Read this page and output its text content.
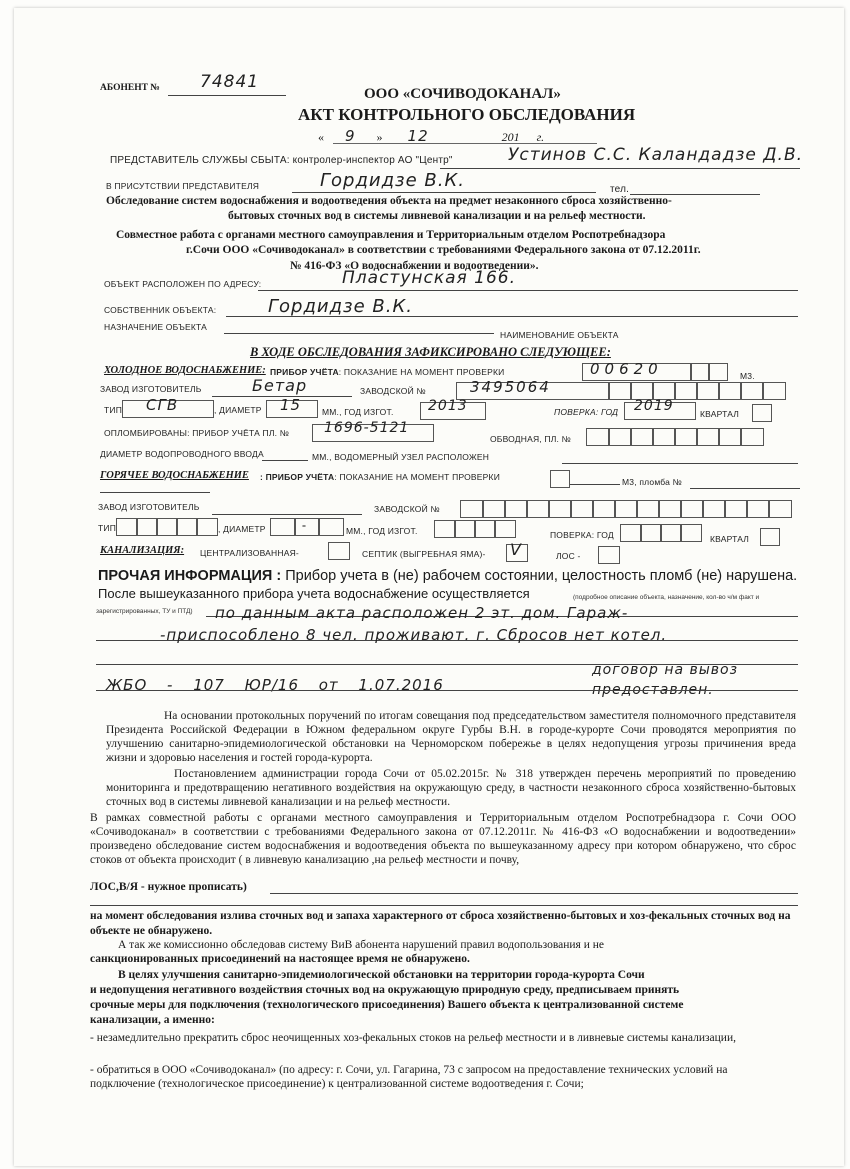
АБОНЕНТ № 74841
ООО «СОЧИВОДОКАНАЛ»
АКТ КОНТРОЛЬНОГО ОБСЛЕДОВАНИЯ
« 9 » 12	201 г.
ПРЕДСТАВИТЕЛЬ СЛУЖБЫ СБЫТА: контролер-инспектор АО "Центр"	Устинов С.С. Каландадзе Д.В.
В ПРИСУТСТВИИ ПРЕДСТАВИТЕЛЯ	Гордидзе В.К.	тел.
Обследование систем водоснабжения и водоотведения объекта на предмет незаконного сброса хозяйственно-
бытовых сточных вод в системы ливневой канализации и на рельеф местности.
Совместное работа с органами местного самоуправления и Территориальным отделом Роспотребнадзора
г.Сочи ООО «Сочиводоканал» в соответствии с требованиями Федерального закона от 07.12.2011г.
№ 416-ФЗ «О водоснабжении и водоотведении».
ОБЪЕКТ РАСПОЛОЖЕН ПО АДРЕСУ:	Пластунская 166.
СОБСТВЕННИК ОБЪЕКТА:	Гордидзе В.К.
НАЗНАЧЕНИЕ ОБЪЕКТА
НАИМЕНОВАНИЕ ОБЪЕКТА
В ХОДЕ ОБСЛЕДОВАНИЯ ЗАФИКСИРОВАНО СЛЕДУЮЩЕЕ:
ХОЛОДНОЕ ВОДОСНАБЖЕНИЕ: ПРИБОР УЧЁТА: ПОКАЗАНИЕ НА МОМЕНТ ПРОВЕРКИ	00620	М3.
ЗАВОД ИЗГОТОВИТЕЛЬ	Бетар	ЗАВОДСКОЙ №	3495064
ТИП СГВ	, ДИАМЕТР 15 ММ., ГОД ИЗГОТ. 2013	ПОВЕРКА: ГОД 2019	КВАРТАЛ
ОПЛОМБИРОВАНЫ: ПРИБОР УЧЁТА ПЛ. № 1696-5121
ОБВОДНАЯ, ПЛ. №
ДИАМЕТР ВОДОПРОВОДНОГО ВВОДА	ММ., ВОДОМЕРНЫЙ УЗЕЛ РАСПОЛОЖЕН
ГОРЯЧЕЕ ВОДОСНАБЖЕНИЕ : ПРИБОР УЧЁТА: ПОКАЗАНИЕ НА МОМЕНТ ПРОВЕРКИ	М3, пломба №
ЗАВОД ИЗГОТОВИТЕЛЬ	ЗАВОДСКОЙ №
ТИП	, ДИАМЕТР	-	ММ., ГОД ИЗГОТ.	ПОВЕРКА: ГОД	КВАРТАЛ
КАНАЛИЗАЦИЯ: ЦЕНТРАЛИЗОВАННАЯ-	СЕПТИК (ВЫГРЕБНАЯ ЯМА)- V	ЛОС -
ПРОЧАЯ ИНФОРМАЦИЯ : Прибор учета в (не) рабочем состоянии, целостность пломб (не) нарушена.
После вышеуказанного прибора учета водоснабжение осуществляется	(подробное описание объекта, назначение, кол-во ч/м факт и
зарегистрированных, ТУ и ПТД) по данным акта расположен 2 эт. дом. Гараж-
-приспособлено 8 чел. проживают. г. Сбросов нет котел.
договор на вывоз
ЖБО - 107 ЮР/16 от 1.07.2016	предоставлен.
На основании протокольных поручений по итогам совещания под председательством заместителя полномочного представителя Президента Российской Федерации в Южном федеральном округе Гурбы В.Н. в городе-курорте Сочи проводятся мероприятия по улучшению санитарно-эпидемиологической обстановки на Черноморском побережье в целях недопущения угрозы причинения вреда жизни и здоровью населения и гостей города-курорта.
Постановлением администрации города Сочи от 05.02.2015г. № 318 утвержден перечень мероприятий по проведению мониторинга и предотвращению негативного воздействия на окружающую среду, в частности незаконного сброса хозяйственно-бытовых сточных вод в системы ливневой канализации и на рельеф местности.
В рамках совместной работы с органами местного самоуправления и Территориальным отделом Роспотребнадзора г. Сочи ООО «Сочиводоканал» в соответствии с требованиями Федерального закона от 07.12.2011г. № 416-ФЗ «О водоснабжении и водоотведении» произведено обследование систем водоснабжения и водоотведения объекта по вышеуказанному адресу при котором обнаружено, что сброс стоков от объекта происходит ( в ливневую канализацию ,на рельеф местности и почву,
ЛОС,В/Я - нужное прописать)
на момент обследования излива сточных вод и запаха характерного от сброса хозяйственно-бытовых и хоз-фекальных сточных вод на объекте не обнаружено.
А так же комиссионно обследовав систему ВиВ абонента нарушений правил водопользования и не
санкционированных присоединений на настоящее время не обнаружено.
В целях улучшения санитарно-эпидемиологической обстановки на территории города-курорта Сочи
и недопущения негативного воздействия сточных вод на окружающую природную среду, предписываем принять
срочные меры для подключения (технологического присоединения) Вашего объекта к централизованной системе
канализации, а именно:
- незамедлительно прекратить сброс неочищенных хоз-фекальных стоков на рельеф местности и в ливневые системы канализации,
- обратиться в ООО «Сочиводоканал» (по адресу: г. Сочи, ул. Гагарина, 73 с запросом на предоставление технических условий на подключение (технологическое присоединение) к централизованной системе водоотведения г. Сочи;
